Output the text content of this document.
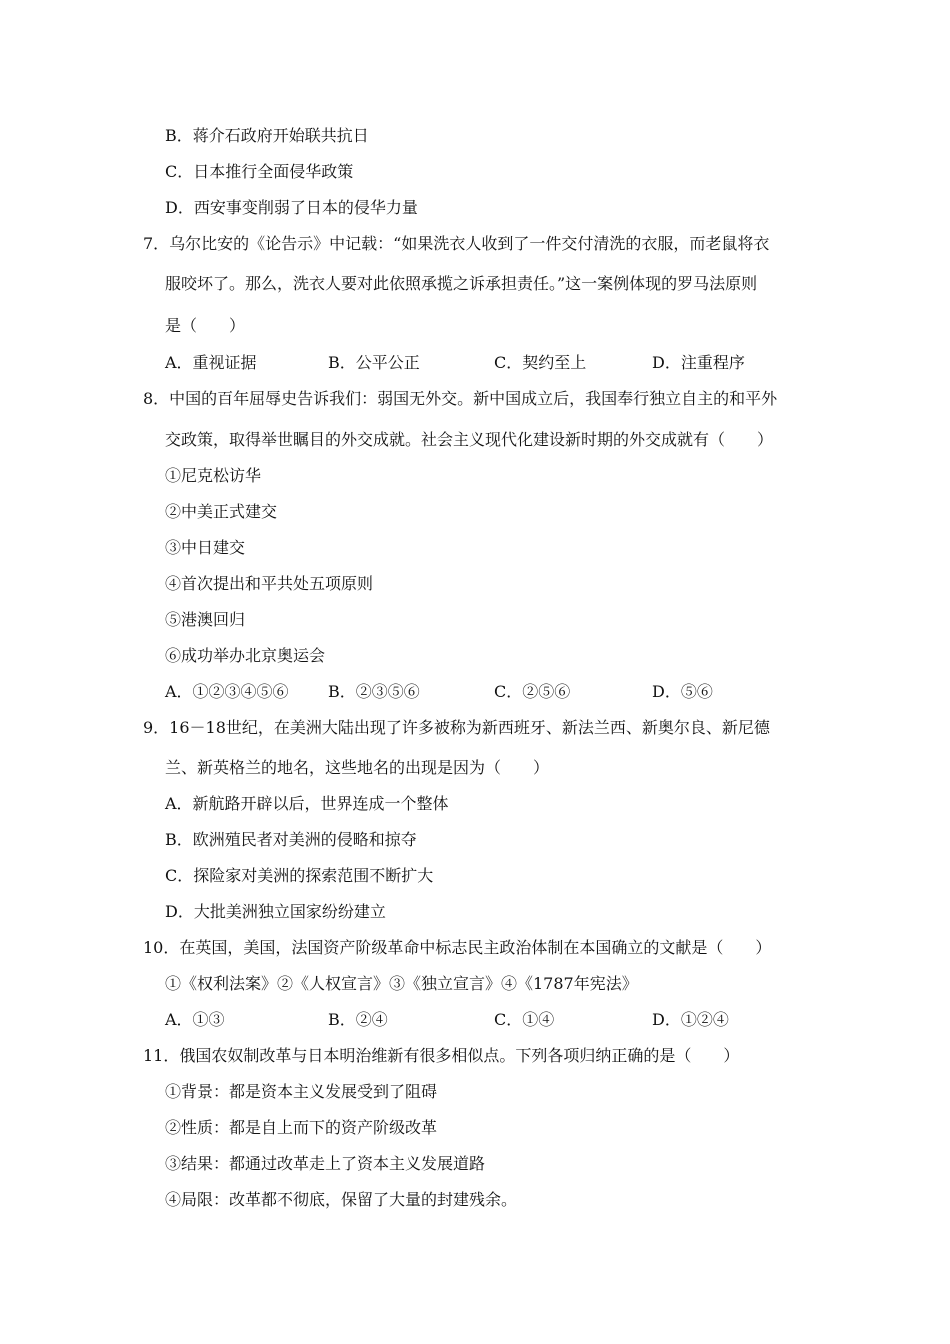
B．蒋介石政府开始联共抗日
C．日本推行全面侵华政策
D．西安事变削弱了日本的侵华力量
7．乌尔比安的《论告示》中记载：“如果洗衣人收到了一件交付清洗的衣服，而老鼠将衣
服咬坏了。那么，洗衣人要对此依照承揽之诉承担责任。”这一案例体现的罗马法原则
是（　　）
A．重视证据	B．公平公正	C．契约至上	D．注重程序
8．中国的百年屈辱史告诉我们：弱国无外交。新中国成立后，我国奉行独立自主的和平外
交政策，取得举世瞩目的外交成就。社会主义现代化建设新时期的外交成就有（　　）
①尼克松访华
②中美正式建交
③中日建交
④首次提出和平共处五项原则
⑤港澳回归
⑥成功举办北京奥运会
A．①②③④⑤⑥ B．②③⑤⑥	C．②⑤⑥	D．⑤⑥
9．16－18世纪，在美洲大陆出现了许多被称为新西班牙、新法兰西、新奥尔良、新尼德
兰、新英格兰的地名，这些地名的出现是因为（　　）
A．新航路开辟以后，世界连成一个整体
B．欧洲殖民者对美洲的侵略和掠夺
C．探险家对美洲的探索范围不断扩大
D．大批美洲独立国家纷纷建立
10．在英国，美国，法国资产阶级革命中标志民主政治体制在本国确立的文献是（　　）
①《权利法案》②《人权宣言》③《独立宣言》④《1787年宪法》
A．①③	B．②④	C．①④	D．①②④
11．俄国农奴制改革与日本明治维新有很多相似点。下列各项归纳正确的是（　　）
①背景：都是资本主义发展受到了阻碍
②性质：都是自上而下的资产阶级改革
③结果：都通过改革走上了资本主义发展道路
④局限：改革都不彻底，保留了大量的封建残余。
